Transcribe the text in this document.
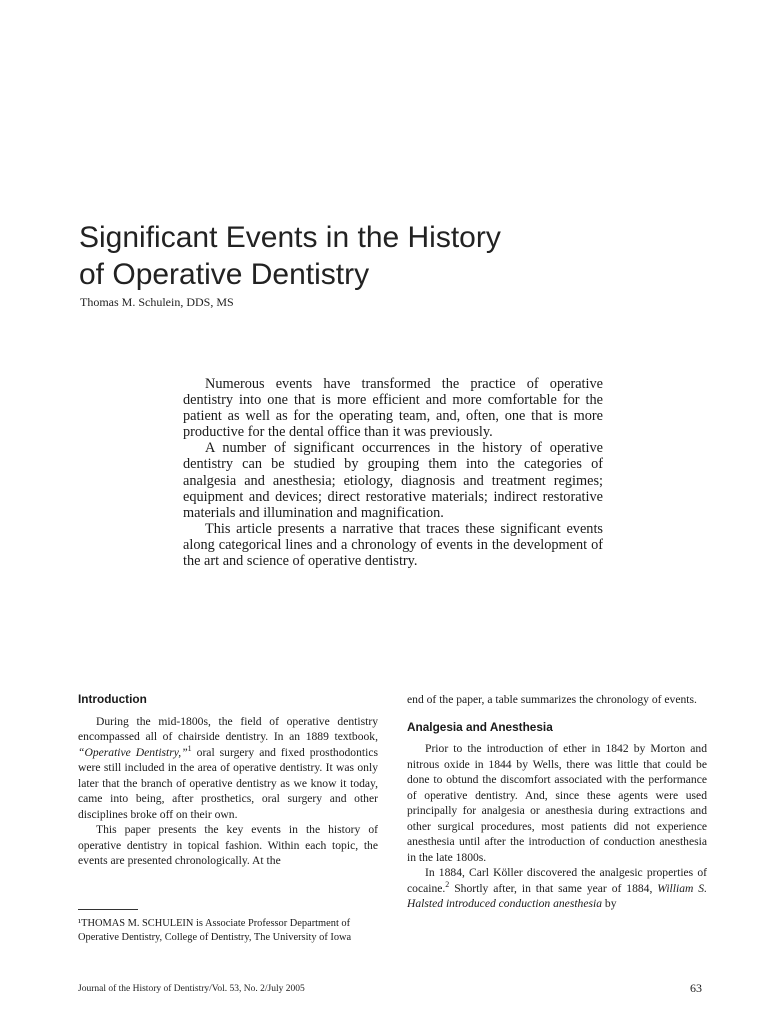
Significant Events in the History
of Operative Dentistry
Thomas M. Schulein, DDS, MS

Numerous events have transformed the practice of operative dentistry into one that is more efficient and more comfortable for the patient as well as for the operating team, and, often, one that is more productive for the dental office than it was previously.

A number of significant occurrences in the history of operative dentistry can be studied by grouping them into the categories of analgesia and anesthesia; etiology, diagnosis and treatment regimes; equipment and devices; direct restorative materials; indirect restorative materials and illumination and magnification.

This article presents a narrative that traces these significant events along categorical lines and a chronology of events in the development of the art and science of operative dentistry.

Introduction

During the mid-1800s, the field of operative dentistry encompassed all of chairside dentistry. In an 1889 textbook, “Operative Dentistry,”$^1$ oral surgery and fixed prosthodontics were still included in the area of operative dentistry. It was only later that the branch of operative dentistry as we know it today, came into being, after prosthetics, oral surgery and other disciplines broke off on their own.

This paper presents the key events in the history of operative dentistry in topical fashion. Within each topic, the events are presented chronologically. At the

end of the paper, a table summarizes the chronology of events.

Analgesia and Anesthesia

Prior to the introduction of ether in 1842 by Morton and nitrous oxide in 1844 by Wells, there was little that could be done to obtund the discomfort associated with the performance of operative dentistry. And, since these agents were used principally for analgesia or anesthesia during extractions and other surgical procedures, most patients did not experience anesthesia until after the introduction of conduction anesthesia in the late 1800s.

In 1884, Carl Köller discovered the analgesic properties of cocaine.$^2$ Shortly after, in that same year of 1884, William S. Halsted introduced conduction anesthesia by

¹THOMAS M. SCHULEIN is Associate Professor Department of Operative Dentistry, College of Dentistry, The University of Iowa
Journal of the History of Dentistry/Vol. 53, No. 2/July 2005	63
